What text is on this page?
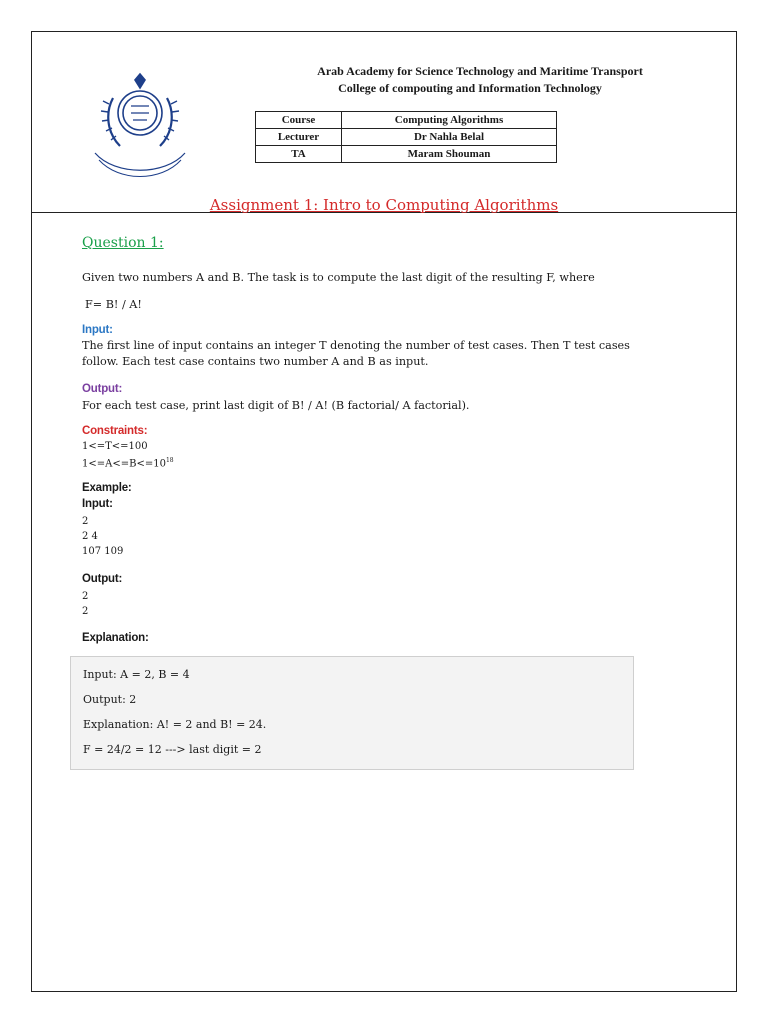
Arab Academy for Science Technology and Maritime Transport
College of compouting and Information Technology
Course	Computing Algorithms
Lecturer	Dr Nahla Belal
TA	Maram Shouman
Assignment 1: Intro to Computing Algorithms
Question 1:
Given two numbers A and B. The task is to compute the last digit of the resulting F, where
F= B! / A!
Input:
The first line of input contains an integer T denoting the number of test cases. Then T test cases follow. Each test case contains two number A and B as input.
Output:
For each test case, print last digit of B! / A! (B factorial/ A factorial).
Constraints:
1<=T<=100
$1<=A<=B<=10^{18}$
Example:
Input:
2
2 4
107 109
Output:
2
2
Explanation:
Input: A = 2, B = 4
Output: 2
Explanation: A! = 2 and B! = 24.
F = 24/2 = 12 ---> last digit = 2
